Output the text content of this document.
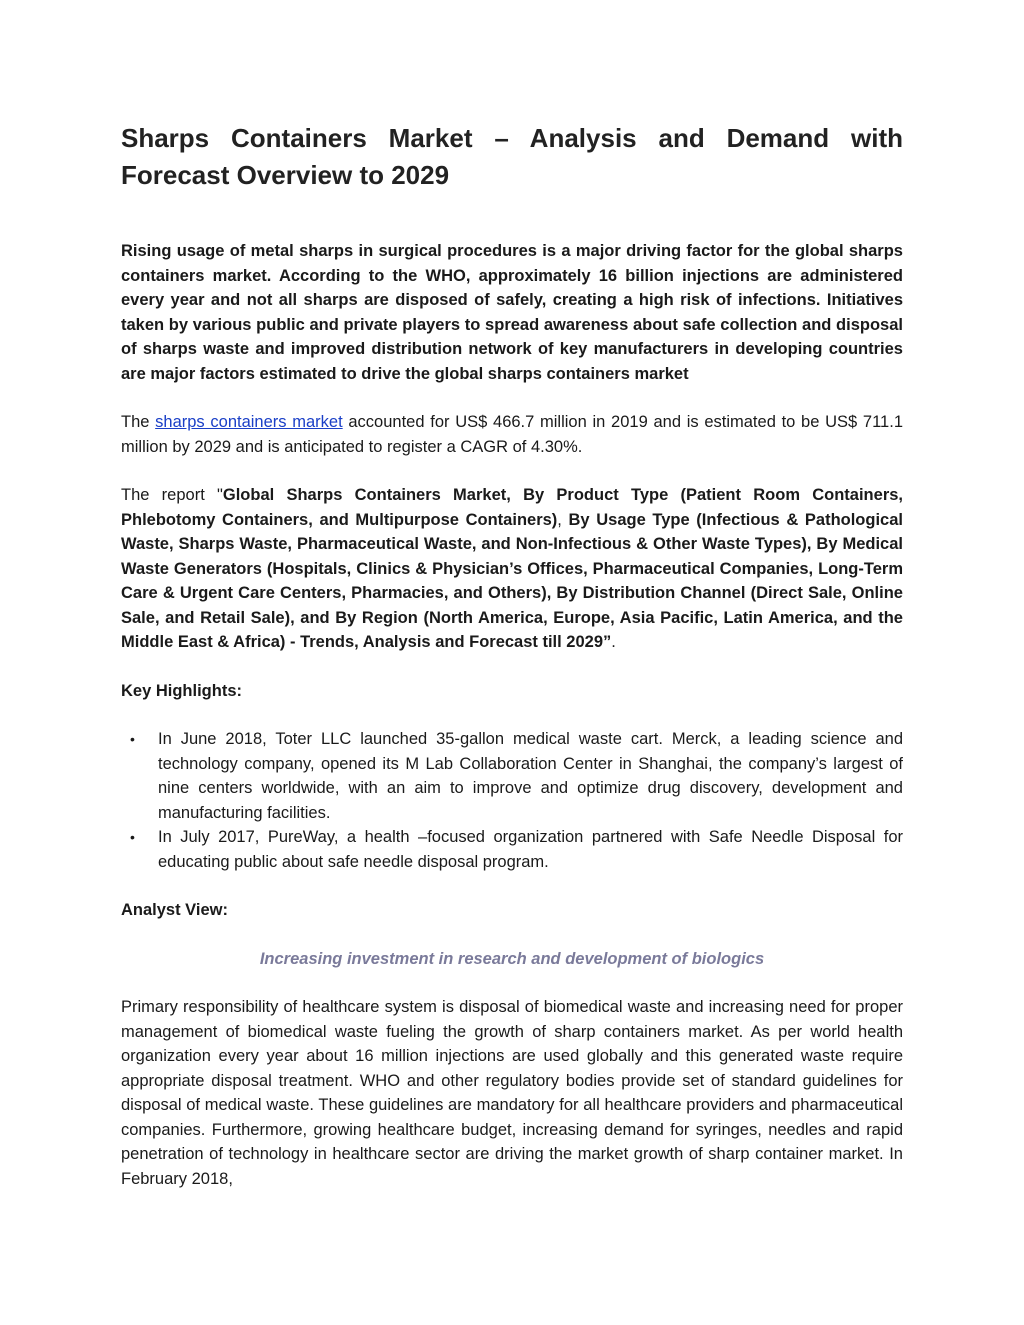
Sharps Containers Market – Analysis and Demand with Forecast Overview to 2029

Rising usage of metal sharps in surgical procedures is a major driving factor for the global sharps containers market. According to the WHO, approximately 16 billion injections are administered every year and not all sharps are disposed of safely, creating a high risk of infections. Initiatives taken by various public and private players to spread awareness about safe collection and disposal of sharps waste and improved distribution network of key manufacturers in developing countries are major factors estimated to drive the global sharps containers market

The sharps containers market accounted for US$ 466.7 million in 2019 and is estimated to be US$ 711.1 million by 2029 and is anticipated to register a CAGR of 4.30%.

The report "Global Sharps Containers Market, By Product Type (Patient Room Containers, Phlebotomy Containers, and Multipurpose Containers), By Usage Type (Infectious & Pathological Waste, Sharps Waste, Pharmaceutical Waste, and Non-Infectious & Other Waste Types), By Medical Waste Generators (Hospitals, Clinics & Physician’s Offices, Pharmaceutical Companies, Long-Term Care & Urgent Care Centers, Pharmacies, and Others), By Distribution Channel (Direct Sale, Online Sale, and Retail Sale), and By Region (North America, Europe, Asia Pacific, Latin America, and the Middle East & Africa) - Trends, Analysis and Forecast till 2029”.

Key Highlights:

• In June 2018, Toter LLC launched 35-gallon medical waste cart. Merck, a leading science and technology company, opened its M Lab Collaboration Center in Shanghai, the company’s largest of nine centers worldwide, with an aim to improve and optimize drug discovery, development and manufacturing facilities.
• In July 2017, PureWay, a health –focused organization partnered with Safe Needle Disposal for educating public about safe needle disposal program.

Analyst View:

Increasing investment in research and development of biologics

Primary responsibility of healthcare system is disposal of biomedical waste and increasing need for proper management of biomedical waste fueling the growth of sharp containers market. As per world health organization every year about 16 million injections are used globally and this generated waste require appropriate disposal treatment. WHO and other regulatory bodies provide set of standard guidelines for disposal of medical waste. These guidelines are mandatory for all healthcare providers and pharmaceutical companies. Furthermore, growing healthcare budget, increasing demand for syringes, needles and rapid penetration of technology in healthcare sector are driving the market growth of sharp container market. In February 2018,
